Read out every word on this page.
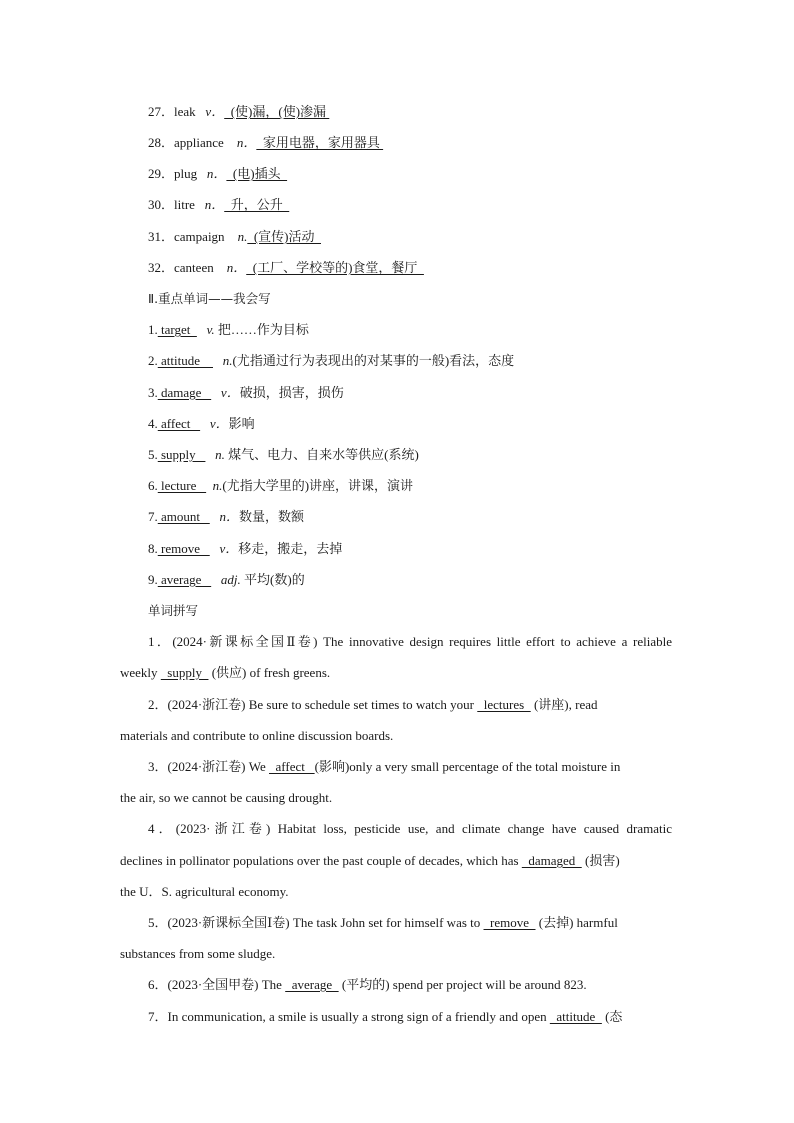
27．leak v．  (使)漏，(使)渗漏
28．appliance n．  家用电器，家用器具
29．plug n．  (电)插头
30．litre n．  升，公升
31．campaign n.  (宣传)活动
32．canteen n．  (工厂、学校等的)食堂，餐厅
Ⅱ.重点单词——我会写
1. target     v. 把……作为目标
2. attitude       n.(尤指通过行为表现出的对某事的一般)看法，态度
3. damage      v．破损，损害，损伤
4. affect      v．影响
5. supply      n. 煤气、电力、自来水等供应(系统)
6. lecture     n.(尤指大学里的)讲座，讲课，演讲
7. amount      n．数量，数额
8. remove      v．移走，搬走，去掉
9. average      adj. 平均(数)的
单词拼写
1．(2024·新课标全国Ⅱ卷) The innovative design requires little effort to achieve a reliable
weekly   supply   (供应) of fresh greens.
2．(2024·浙江卷) Be sure to schedule set times to watch your   lectures   (讲座), read
materials and contribute to online discussion boards.
3．(2024·浙江卷) We   affect   (影响)only a very small percentage of the total moisture in
the air, so we cannot be causing drought.
4．(2023·浙江卷) Habitat loss, pesticide use, and climate change have caused dramatic
declines in pollinator populations over the past couple of decades, which has   damaged   (损害)
the U．S. agricultural economy.
5．(2023·新课标全国Ⅰ卷) The task John set for himself was to   remove   (去掉) harmful
substances from some sludge.
6．(2023·全国甲卷) The   average   (平均的) spend per project will be around 823.
7．In communication, a smile is usually a strong sign of a friendly and open   attitude   (态
